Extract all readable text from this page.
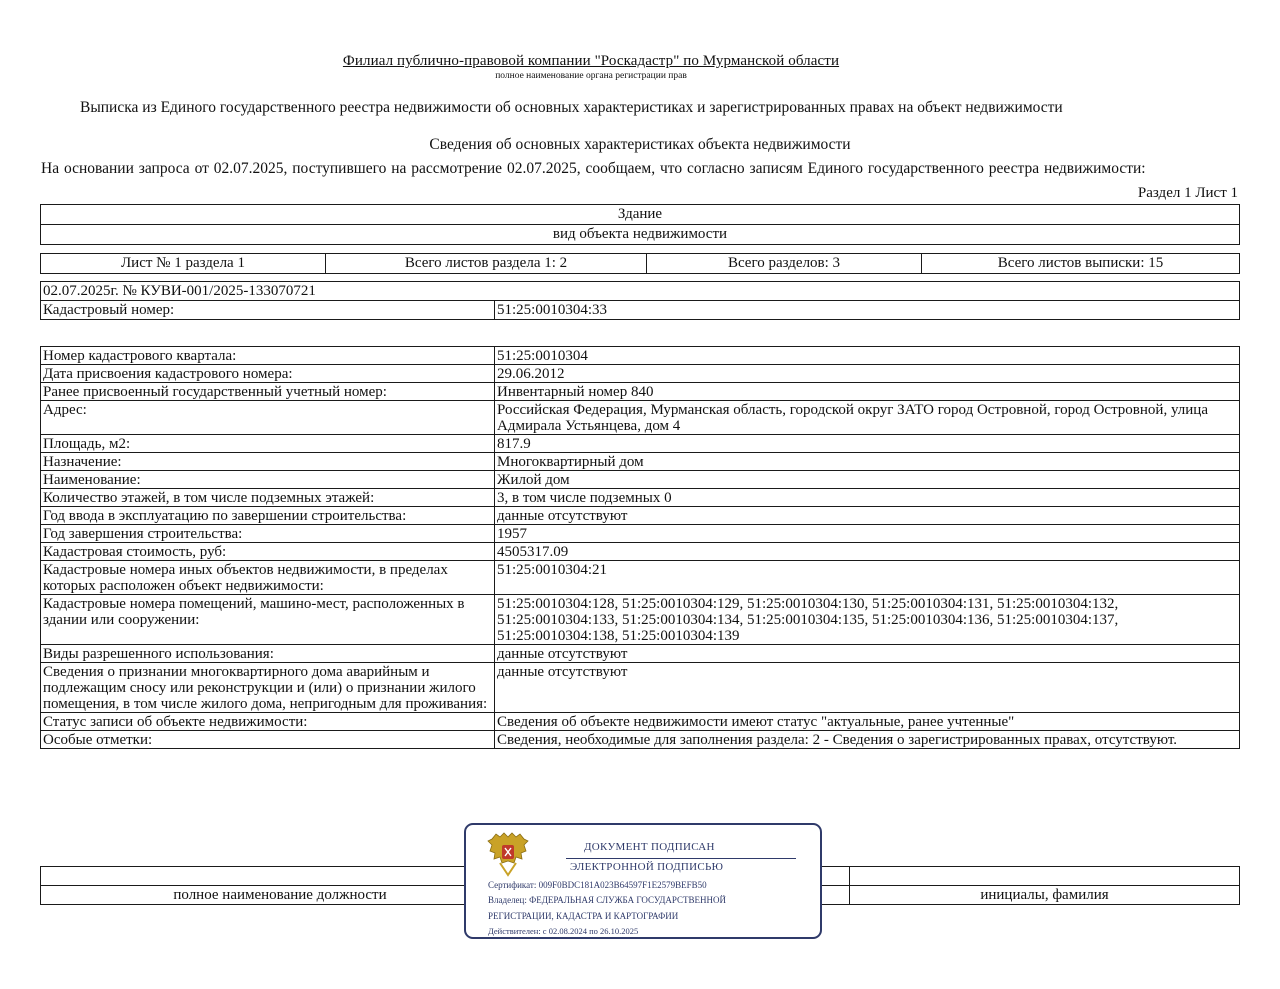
Филиал публично-правовой компании "Роскадастр" по Мурманской области
полное наименование органа регистрации прав
Выписка из Единого государственного реестра недвижимости об основных характеристиках и зарегистрированных правах на объект недвижимости
Сведения об основных характеристиках объекта недвижимости
На основании запроса от 02.07.2025, поступившего на рассмотрение 02.07.2025, сообщаем, что согласно записям Единого государственного реестра недвижимости:
Раздел 1 Лист 1
Здание
вид объекта недвижимости
Лист № 1 раздела 1	Всего листов раздела 1: 2	Всего разделов: 3	Всего листов выписки: 15
02.07.2025г. № КУВИ-001/2025-133070721
Кадастровый номер:	51:25:0010304:33
Номер кадастрового квартала:	51:25:0010304
Дата присвоения кадастрового номера:	29.06.2012
Ранее присвоенный государственный учетный номер:	Инвентарный номер 840
Адрес:	Российская Федерация, Мурманская область, городской округ ЗАТО город Островной, город Островной, улица Адмирала Устьянцева, дом 4
Площадь, м2:	817.9
Назначение:	Многоквартирный дом
Наименование:	Жилой дом
Количество этажей, в том числе подземных этажей:	3, в том числе подземных 0
Год ввода в эксплуатацию по завершении строительства:	данные отсутствуют
Год завершения строительства:	1957
Кадастровая стоимость, руб:	4505317.09
Кадастровые номера иных объектов недвижимости, в пределах которых расположен объект недвижимости:	51:25:0010304:21
Кадастровые номера помещений, машино-мест, расположенных в здании или сооружении:	51:25:0010304:128, 51:25:0010304:129, 51:25:0010304:130, 51:25:0010304:131, 51:25:0010304:132, 51:25:0010304:133, 51:25:0010304:134, 51:25:0010304:135, 51:25:0010304:136, 51:25:0010304:137, 51:25:0010304:138, 51:25:0010304:139
Виды разрешенного использования:	данные отсутствуют
Сведения о признании многоквартирного дома аварийным и подлежащим сносу или реконструкции и (или) о признании жилого помещения, в том числе жилого дома, непригодным для проживания:	данные отсутствуют
Статус записи об объекте недвижимости:	Сведения об объекте недвижимости имеют статус "актуальные, ранее учтенные"
Особые отметки:	Сведения, необходимые для заполнения раздела: 2 - Сведения о зарегистрированных правах, отсутствуют.

полное наименование должности		инициалы, фамилия
ДОКУМЕНТ ПОДПИСАН
ЭЛЕКТРОННОЙ ПОДПИСЬЮ
Сертификат: 009F0BDC181A023B64597F1E2579BEFB50
Владелец: ФЕДЕРАЛЬНАЯ СЛУЖБА ГОСУДАРСТВЕННОЙ
РЕГИСТРАЦИИ, КАДАСТРА И КАРТОГРАФИИ
Действителен: с 02.08.2024 по 26.10.2025
